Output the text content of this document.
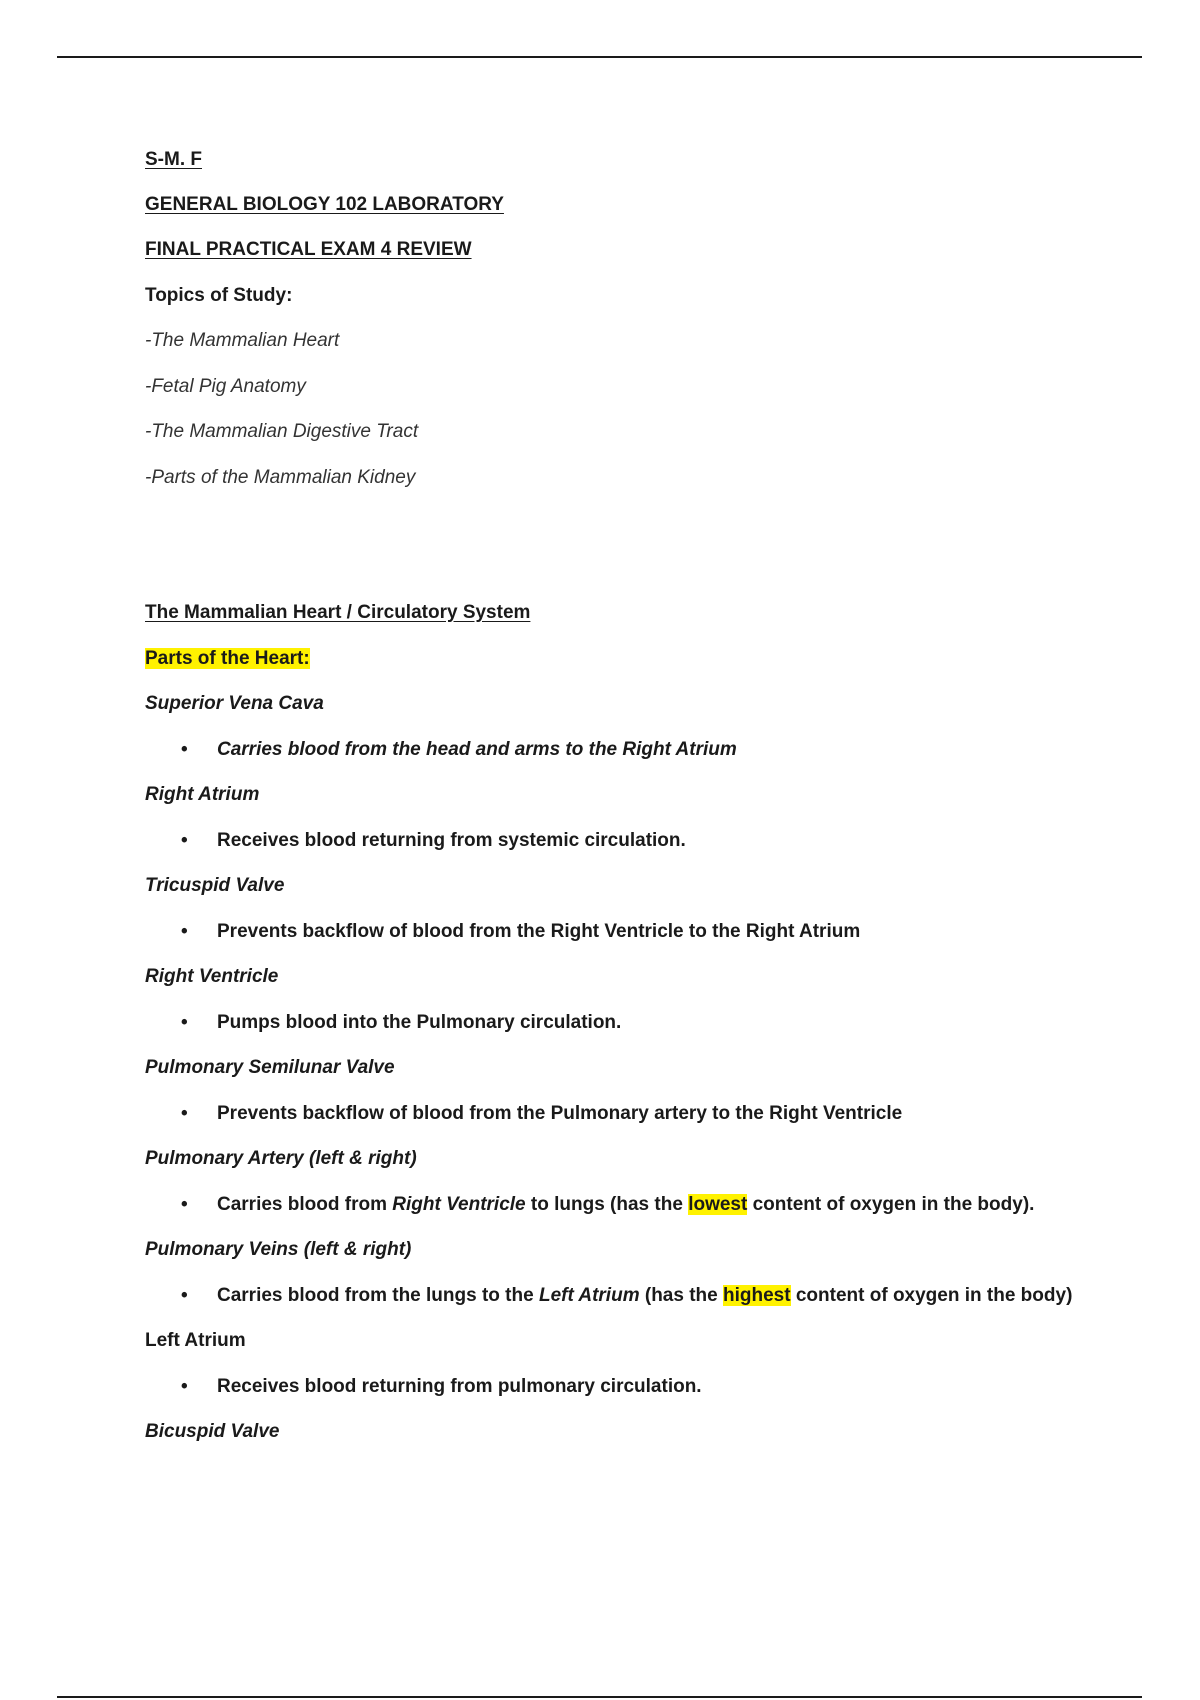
S-M. F
GENERAL BIOLOGY 102 LABORATORY
FINAL PRACTICAL EXAM 4 REVIEW
Topics of Study:
-The Mammalian Heart
-Fetal Pig Anatomy
-The Mammalian Digestive Tract
-Parts of the Mammalian Kidney
The Mammalian Heart / Circulatory System
Parts of the Heart:
Superior Vena Cava
• Carries blood from the head and arms to the Right Atrium
Right Atrium
• Receives blood returning from systemic circulation.
Tricuspid Valve
• Prevents backflow of blood from the Right Ventricle to the Right Atrium
Right Ventricle
• Pumps blood into the Pulmonary circulation.
Pulmonary Semilunar Valve
• Prevents backflow of blood from the Pulmonary artery to the Right Ventricle
Pulmonary Artery (left & right)
• Carries blood from Right Ventricle to lungs (has the lowest content of oxygen in the body).
Pulmonary Veins (left & right)
• Carries blood from the lungs to the Left Atrium (has the highest content of oxygen in the body)
Left Atrium
• Receives blood returning from pulmonary circulation.
Bicuspid Valve
